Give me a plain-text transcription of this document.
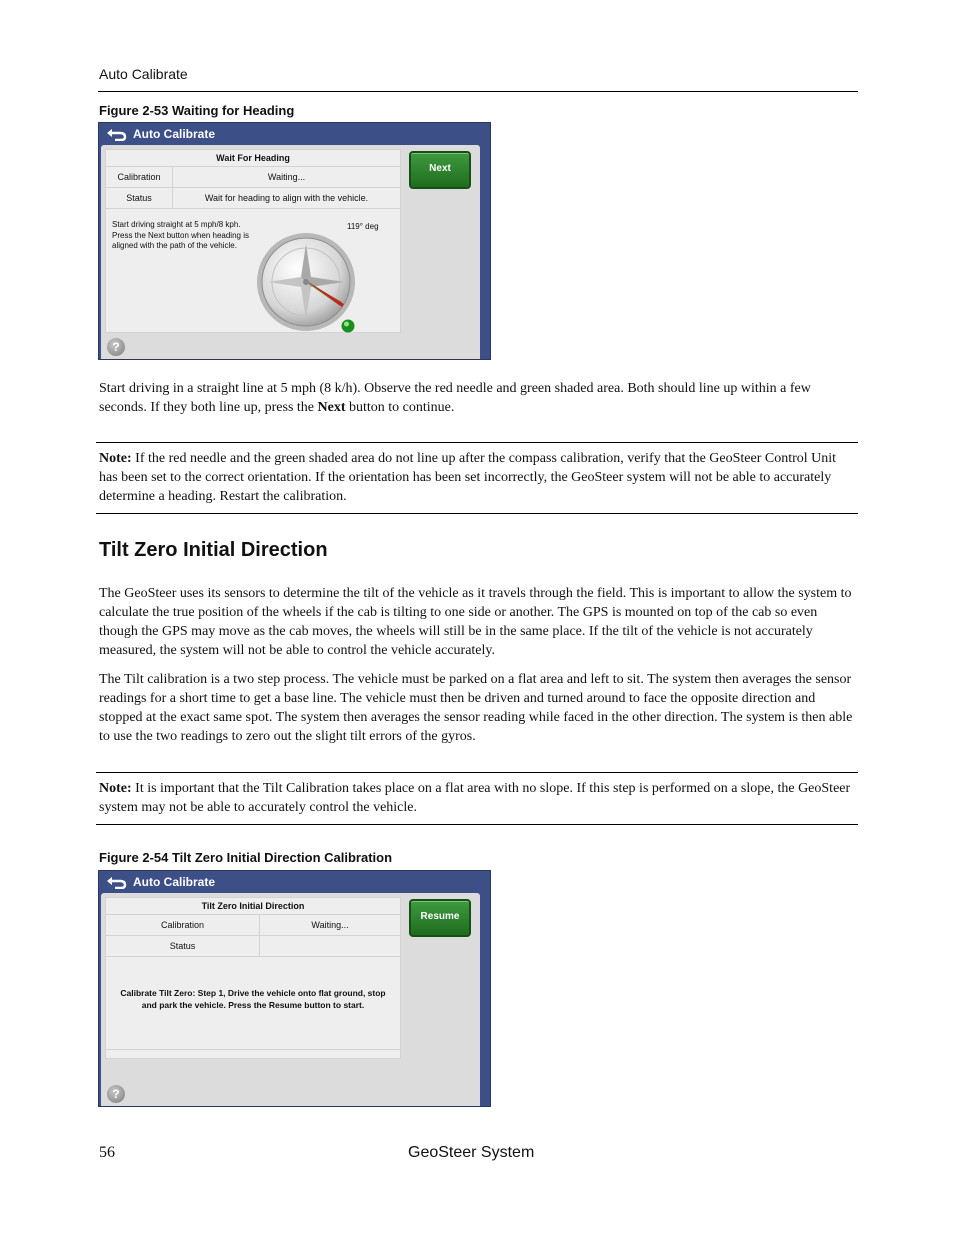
Auto Calibrate
Figure 2-53 Waiting for Heading
Auto Calibrate
Wait For Heading
Calibration	Waiting...
Status	Wait for heading to align with the vehicle.
Start driving straight at 5 mph/8 kph. Press the Next button when heading is aligned with the path of the vehicle.
119° deg
Next
?
Start driving in a straight line at 5 mph (8 k/h). Observe the red needle and green shaded area. Both should line up within a few seconds. If they both line up, press the Next button to continue.
Note: If the red needle and the green shaded area do not line up after the compass calibration, verify that the GeoSteer Control Unit has been set to the correct orientation. If the orientation has been set incorrectly, the GeoSteer system will not be able to accurately determine a heading. Restart the calibration.
Tilt Zero Initial Direction
The GeoSteer uses its sensors to determine the tilt of the vehicle as it travels through the field. This is important to allow the system to calculate the true position of the wheels if the cab is tilting to one side or another. The GPS is mounted on top of the cab so even though the GPS may move as the cab moves, the wheels will still be in the same place. If the tilt of the vehicle is not accurately measured, the system will not be able to control the vehicle accurately.
The Tilt calibration is a two step process. The vehicle must be parked on a flat area and left to sit. The system then averages the sensor readings for a short time to get a base line. The vehicle must then be driven and turned around to face the opposite direction and stopped at the exact same spot. The system then averages the sensor reading while faced in the other direction. The system is then able to use the two readings to zero out the slight tilt errors of the gyros.
Note: It is important that the Tilt Calibration takes place on a flat area with no slope. If this step is performed on a slope, the GeoSteer system may not be able to accurately control the vehicle.
Figure 2-54 Tilt Zero Initial Direction Calibration
Auto Calibrate
Tilt Zero Initial Direction
Calibration	Waiting...
Status
Calibrate Tilt Zero: Step 1, Drive the vehicle onto flat ground, stop and park the vehicle. Press the Resume button to start.
Resume
?
56	GeoSteer System
